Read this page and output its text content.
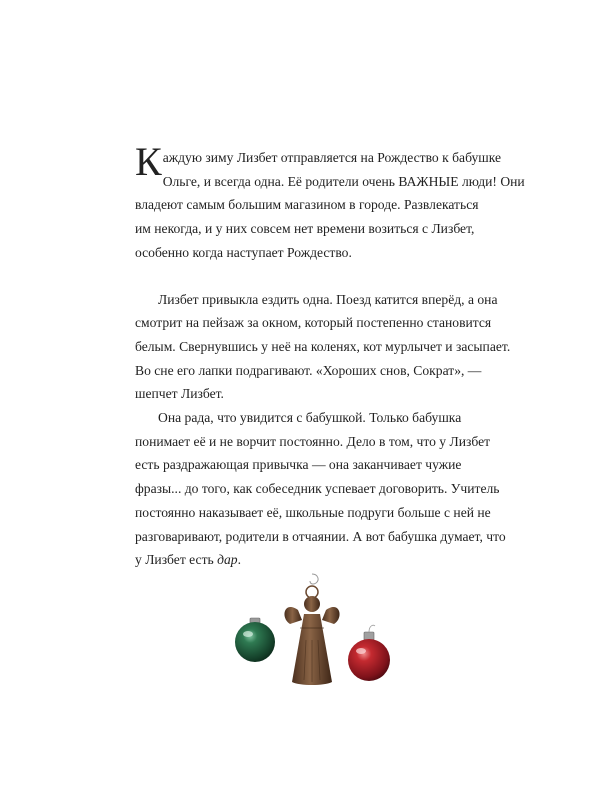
К аждую зиму Лизбет отправляется на Рождество к бабушке
Ольге, и всегда одна. Её родители очень ВАЖНЫЕ люди! Они
владеют самым большим магазином в городе. Развлекаться
им некогда, и у них совсем нет времени возиться с Лизбет,
особенно когда наступает Рождество.
Лизбет привыкла ездить одна. Поезд катится вперёд, а она
смотрит на пейзаж за окном, который постепенно становится
белым. Свернувшись у неё на коленях, кот мурлычет и засыпает.
Во сне его лапки подрагивают. «Хороших снов, Сократ», —
шепчет Лизбет.
Она рада, что увидится с бабушкой. Только бабушка
понимает её и не ворчит постоянно. Дело в том, что у Лизбет
есть раздражающая привычка — она заканчивает чужие
фразы... до того, как собеседник успевает договорить. Учитель
постоянно наказывает её, школьные подруги больше с ней не
разговаривают, родители в отчаянии. А вот бабушка думает, что
у Лизбет есть дар.
